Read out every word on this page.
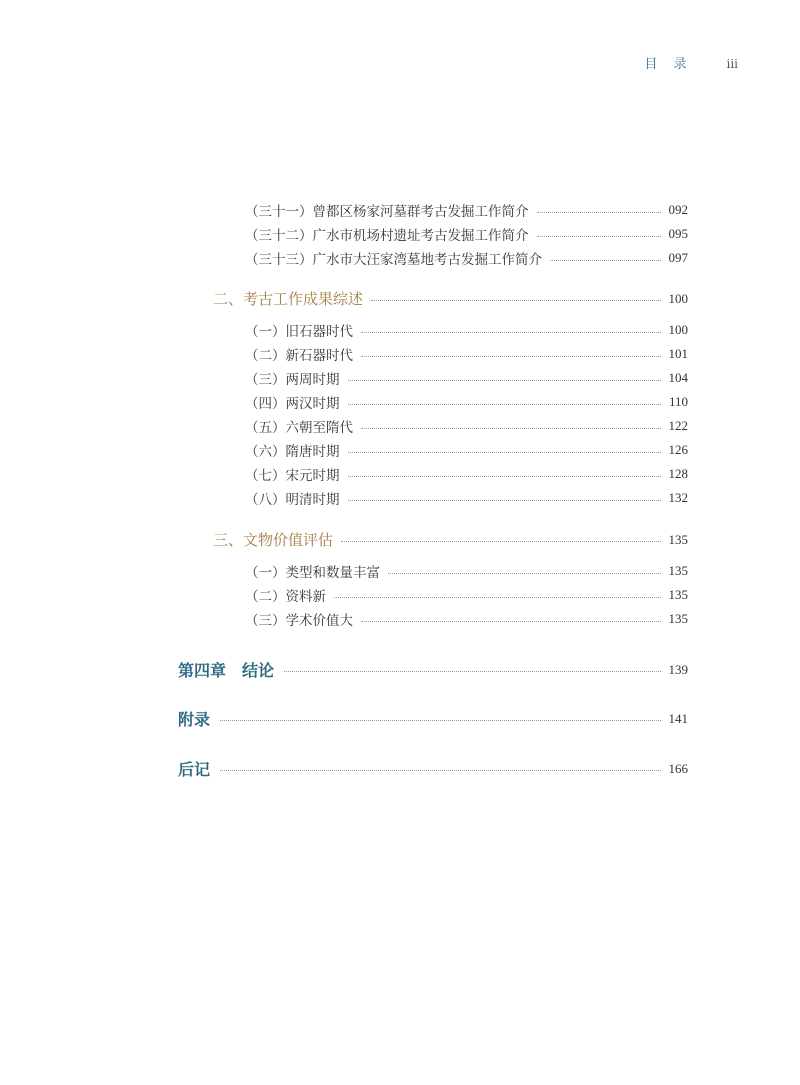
目 录	iii
（三十一）曾都区杨家河墓群考古发掘工作简介	092
（三十二）广水市机场村遗址考古发掘工作简介	095
（三十三）广水市大汪家湾墓地考古发掘工作简介	097
二、考古工作成果综述	100
（一）旧石器时代	100
（二）新石器时代	101
（三）两周时期	104
（四）两汉时期	110
（五）六朝至隋代	122
（六）隋唐时期	126
（七）宋元时期	128
（八）明清时期	132
三、文物价值评估	135
（一）类型和数量丰富	135
（二）资料新	135
（三）学术价值大	135
第四章　结论	139
附录	141
后记	166
